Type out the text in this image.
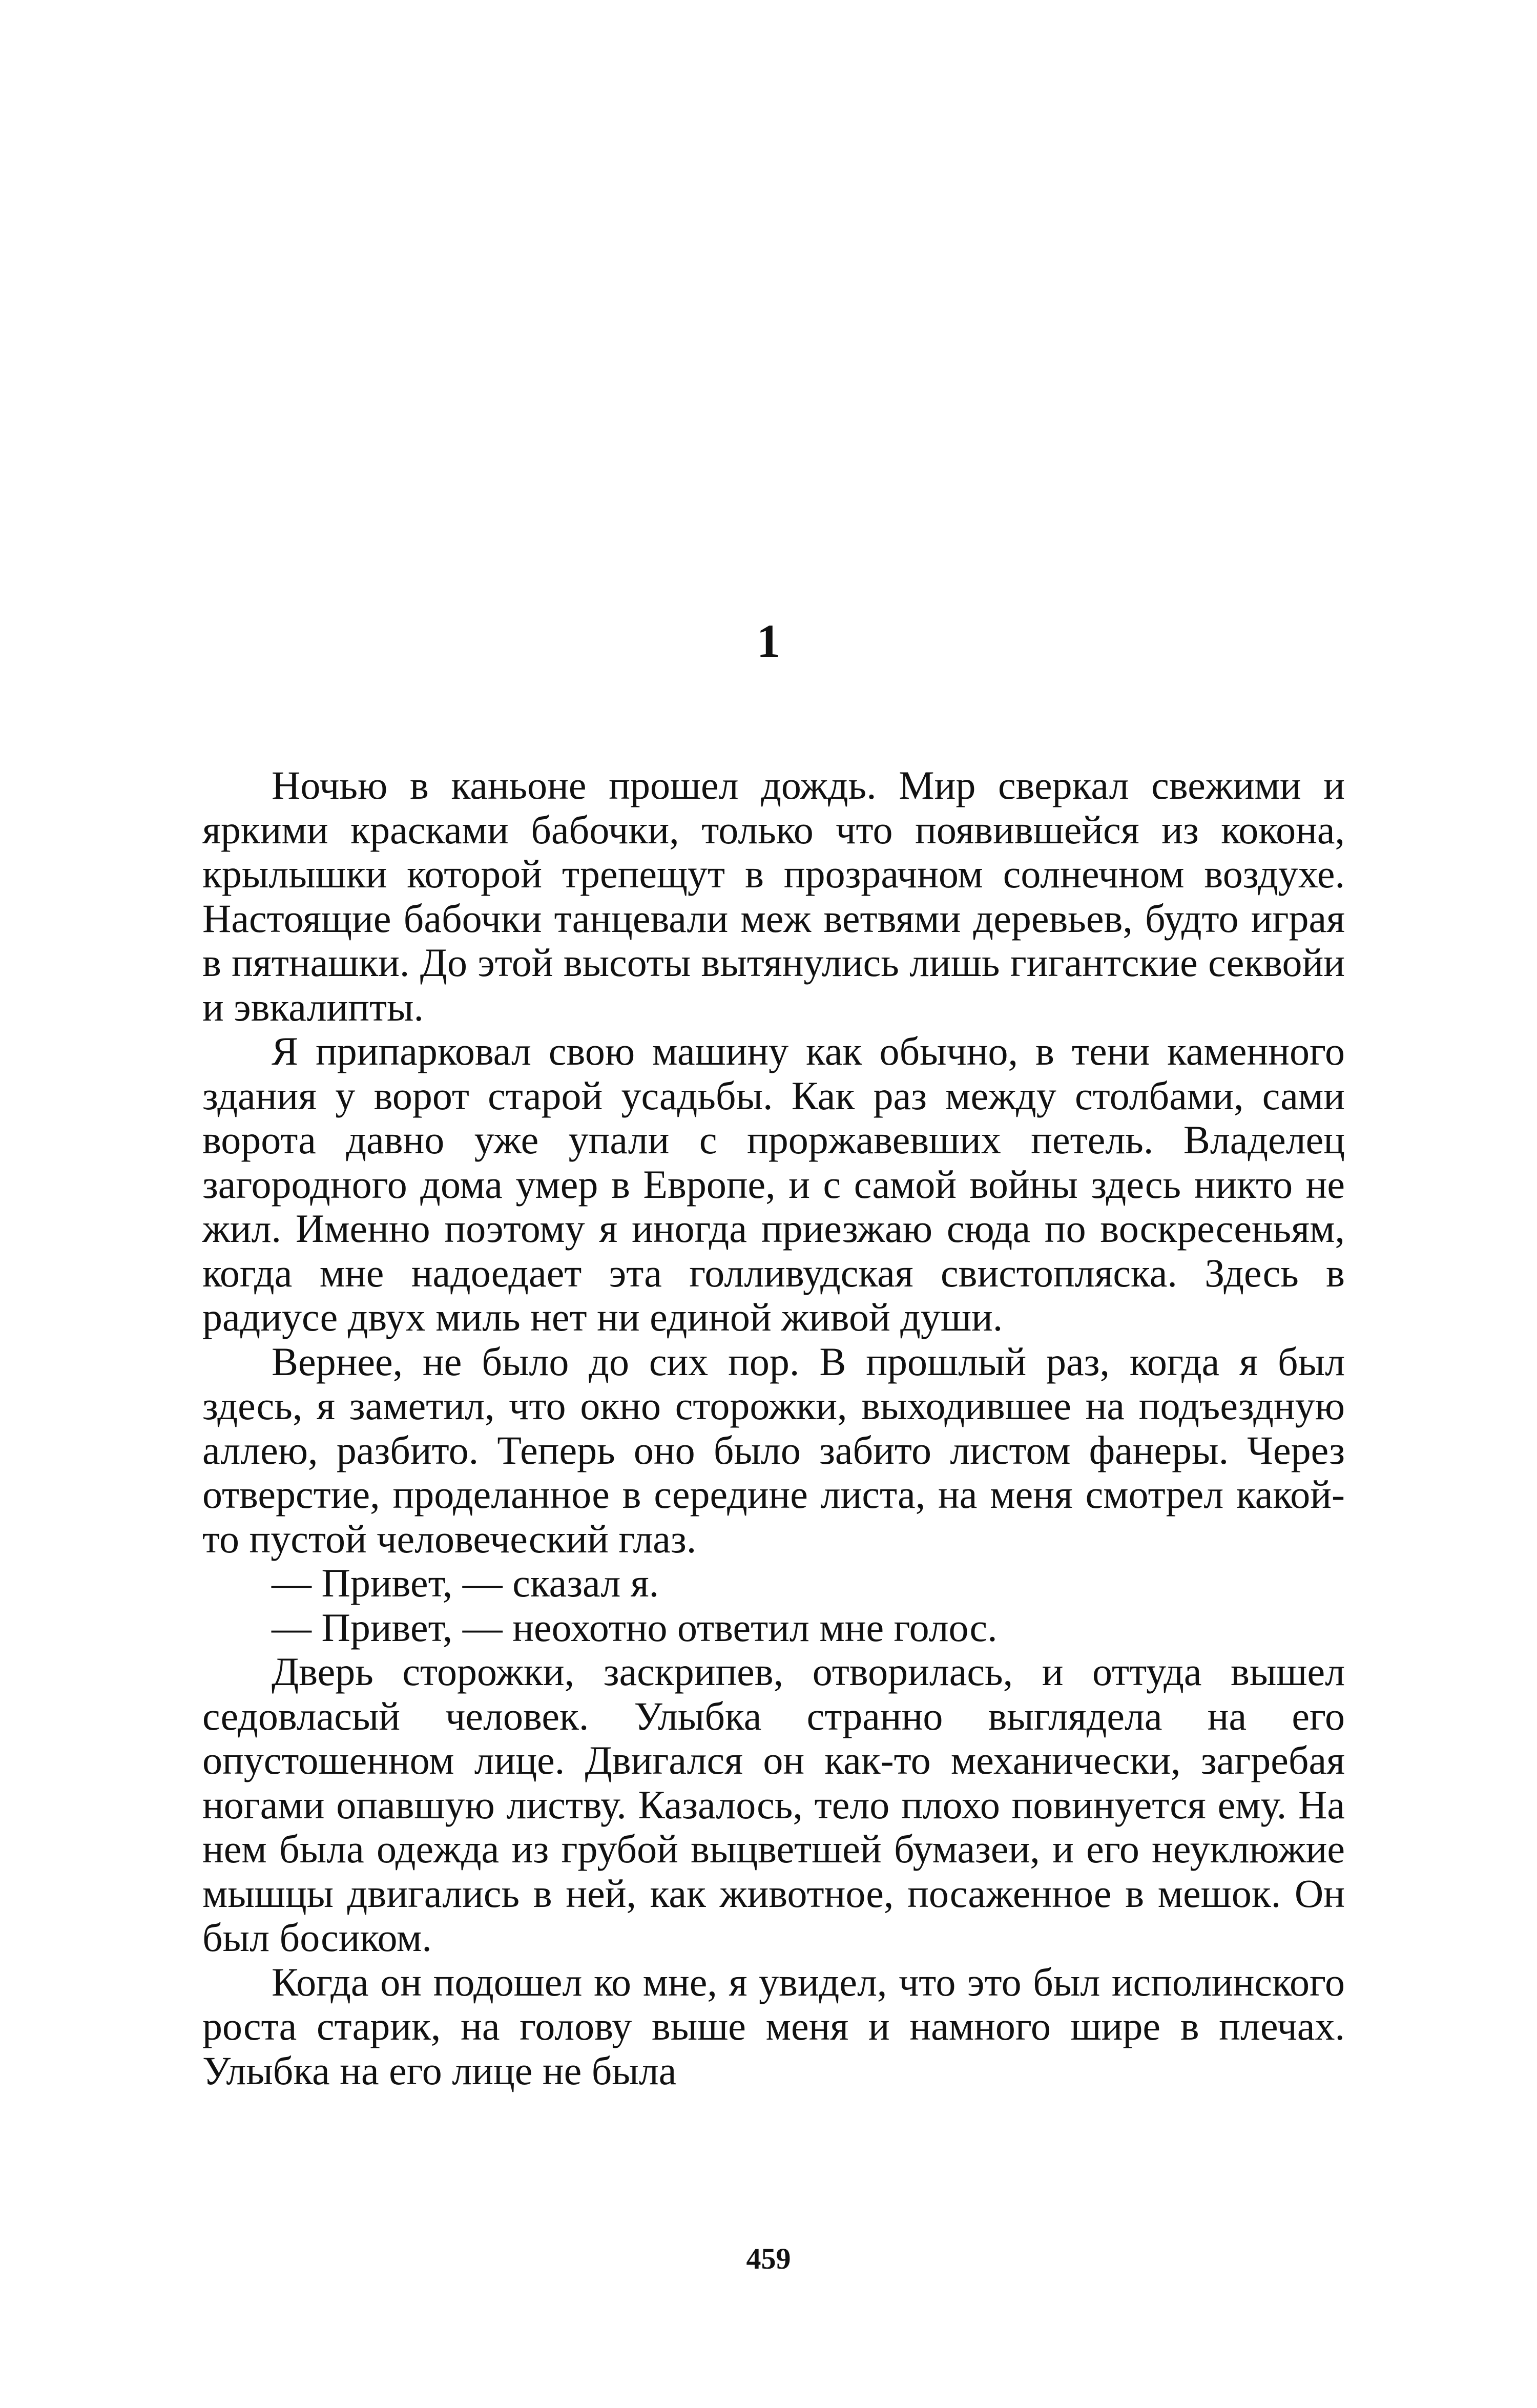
1

Ночью в каньоне прошел дождь. Мир сверкал свежими и яркими красками бабочки, только что появившейся из кокона, крылышки которой трепещут в прозрачном солнечном воздухе. Настоящие бабочки танцевали меж ветвями деревьев, будто играя в пятнашки. До этой высоты вытянулись лишь гигантские секвойи и эвкалипты.

Я припарковал свою машину как обычно, в тени каменного здания у ворот старой усадьбы. Как раз между столбами, сами ворота давно уже упали с проржавевших петель. Владелец загородного дома умер в Европе, и с самой войны здесь никто не жил. Именно поэтому я иногда приезжаю сюда по воскресеньям, когда мне надоедает эта голливудская свистопляска. Здесь в радиусе двух миль нет ни единой живой души.

Вернее, не было до сих пор. В прошлый раз, когда я был здесь, я заметил, что окно сторожки, выходившее на подъездную аллею, разбито. Теперь оно было забито листом фанеры. Через отверстие, проделанное в середине листа, на меня смотрел какой-то пустой человеческий глаз.

— Привет, — сказал я.

— Привет, — неохотно ответил мне голос.

Дверь сторожки, заскрипев, отворилась, и оттуда вышел седовласый человек. Улыбка странно выглядела на его опустошенном лице. Двигался он как-то механически, загребая ногами опавшую листву. Казалось, тело плохо повинуется ему. На нем была одежда из грубой выцветшей бумазеи, и его неуклюжие мышцы двигались в ней, как животное, посаженное в мешок. Он был босиком.

Когда он подошел ко мне, я увидел, что это был исполинского роста старик, на голову выше меня и намного шире в плечах. Улыбка на его лице не была

459
